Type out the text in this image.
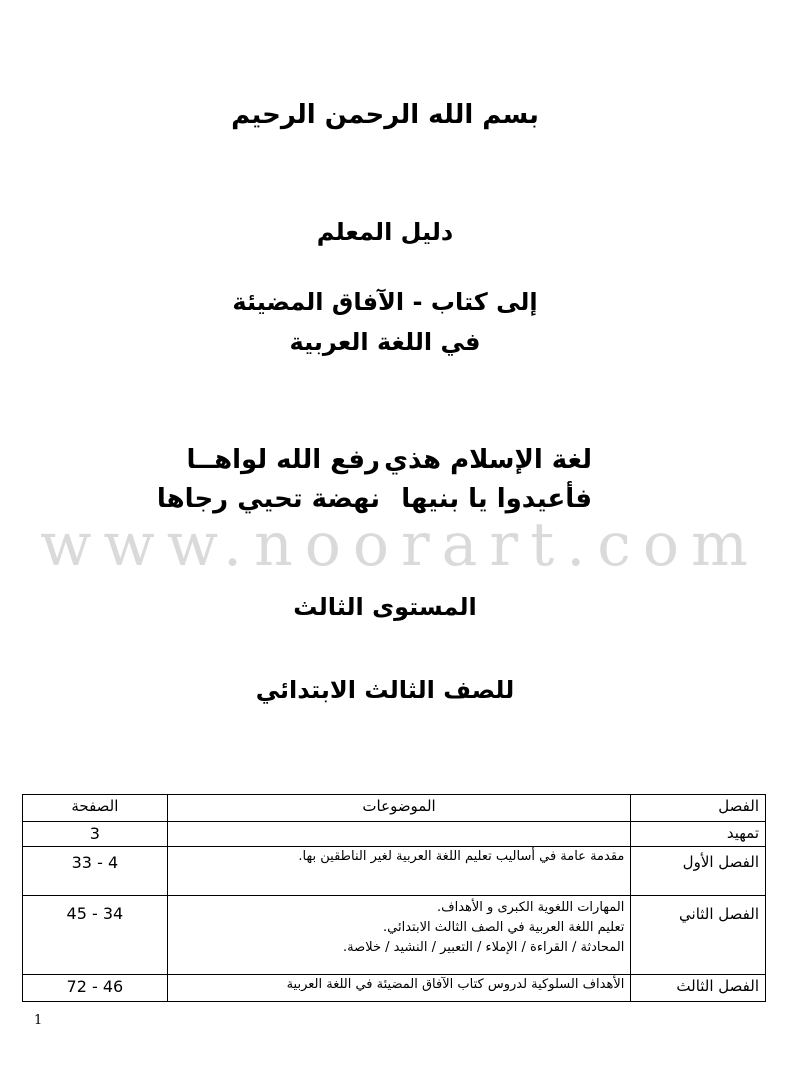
بسم الله الرحمن الرحيم
دليل المعلم
إلى كتاب - الآفاق المضيئة
في اللغة العربية
لغة الإسلام هذي
رفع الله لواهــا
فأعيدوا يا بنيها
نهضة تحيي رجاها
www.noorart.com
المستوى الثالث
للصف الثالث الابتدائي
الفصل	الموضوعات	الصفحة
تمهيد		3
الفصل الأول	مقدمة عامة في أساليب تعليم اللغة العربية لغير الناطقين بها.	4 - 33
الفصل الثاني	المهارات اللغوية الكبرى و الأهداف.
تعليم اللغة العربية في الصف الثالث الابتدائي.
المحادثة / القراءة / الإملاء / التعبير / النشيد / خلاصة.	34 - 45
الفصل الثالث	الأهداف السلوكية لدروس كتاب الآفاق المضيئة في اللغة العربية	46 - 72
1
